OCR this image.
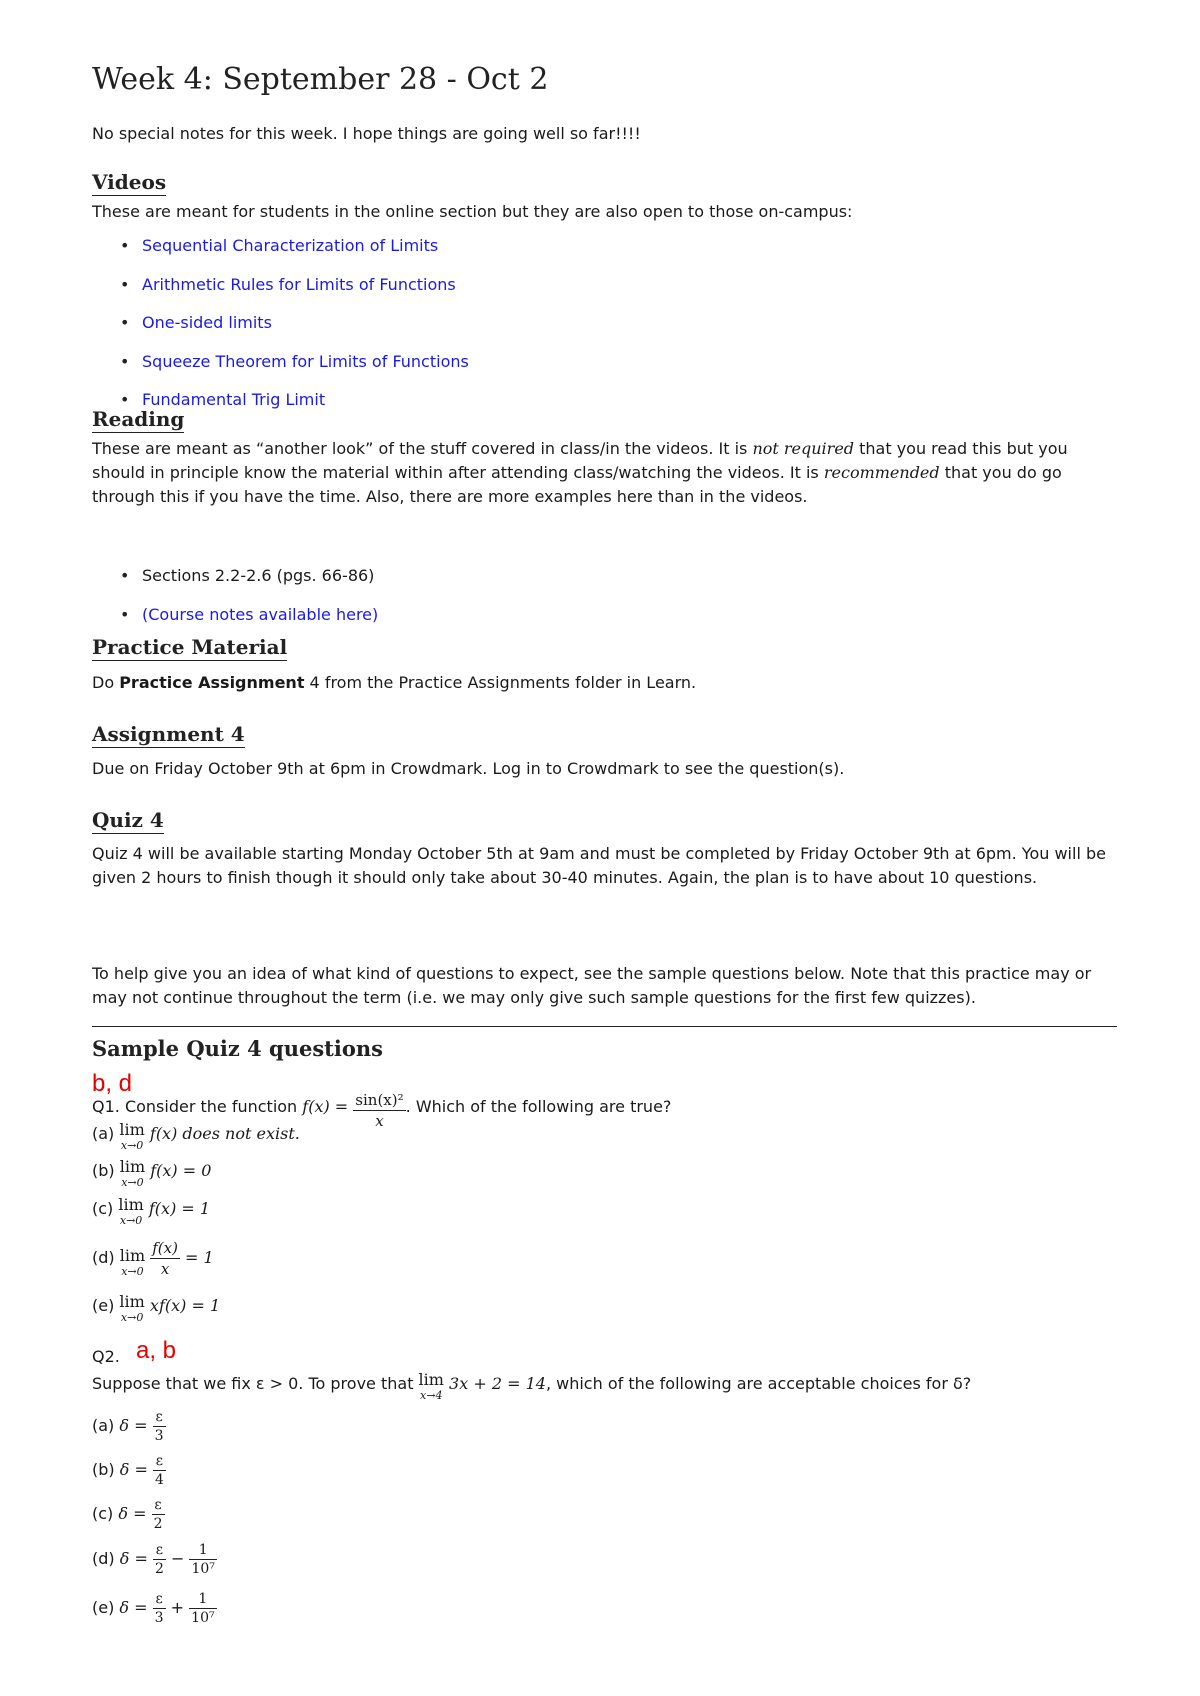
Week 4: September 28 - Oct 2

No special notes for this week. I hope things are going well so far!!!!

Videos

These are meant for students in the online section but they are also open to those on-campus:

• Sequential Characterization of Limits
• Arithmetic Rules for Limits of Functions
• One-sided limits
• Squeeze Theorem for Limits of Functions
• Fundamental Trig Limit
Reading

These are meant as “another look” of the stuff covered in class/in the videos. It is not required that you read this but you should in principle know the material within after attending class/watching the videos. It is recommended that you do go through this if you have the time. Also, there are more examples here than in the videos.

• Sections 2.2-2.6 (pgs. 66-86)
• (Course notes available here)
Practice Material

Do Practice Assignment 4 from the Practice Assignments folder in Learn.

Assignment 4

Due on Friday October 9th at 6pm in Crowdmark. Log in to Crowdmark to see the question(s).

Quiz 4

Quiz 4 will be available starting Monday October 5th at 9am and must be completed by Friday October 9th at 6pm. You will be given 2 hours to finish though it should only take about 30-40 minutes. Again, the plan is to have about 10 questions.

To help give you an idea of what kind of questions to expect, see the sample questions below. Note that this practice may or may not continue throughout the term (i.e. we may only give such sample questions for the first few quizzes).

Sample Quiz 4 questions
b, d
Q1. Consider the function $f(x) = \frac{\text{sin(x)²}}{x}$ . Which of the following are true?
(a) lim
x→0
f(x) does not exist.
(b) lim
x→0
f(x) = 0
(c) lim
x→0
f(x) = 1
(d) lim
x→0
$\frac{f(x)}{x} = 1$
(e) lim
x→0
xf(x) = 1
Q2. a, b
Suppose that we fix ε > 0. To prove that lim
x→4
3x + 2 = 14, which of the following are acceptable choices for δ?
(a) $\delta = \frac{\varepsilon}{3}$
(b) $\delta = \frac{\varepsilon}{4}$
(c) $\delta = \frac{\varepsilon}{2}$
(d) $\delta = \frac{\varepsilon}{2} - \frac{1}{\text{10⁷}}$
(e) $\delta = \frac{\varepsilon}{3} + \frac{1}{\text{10⁷}}$
